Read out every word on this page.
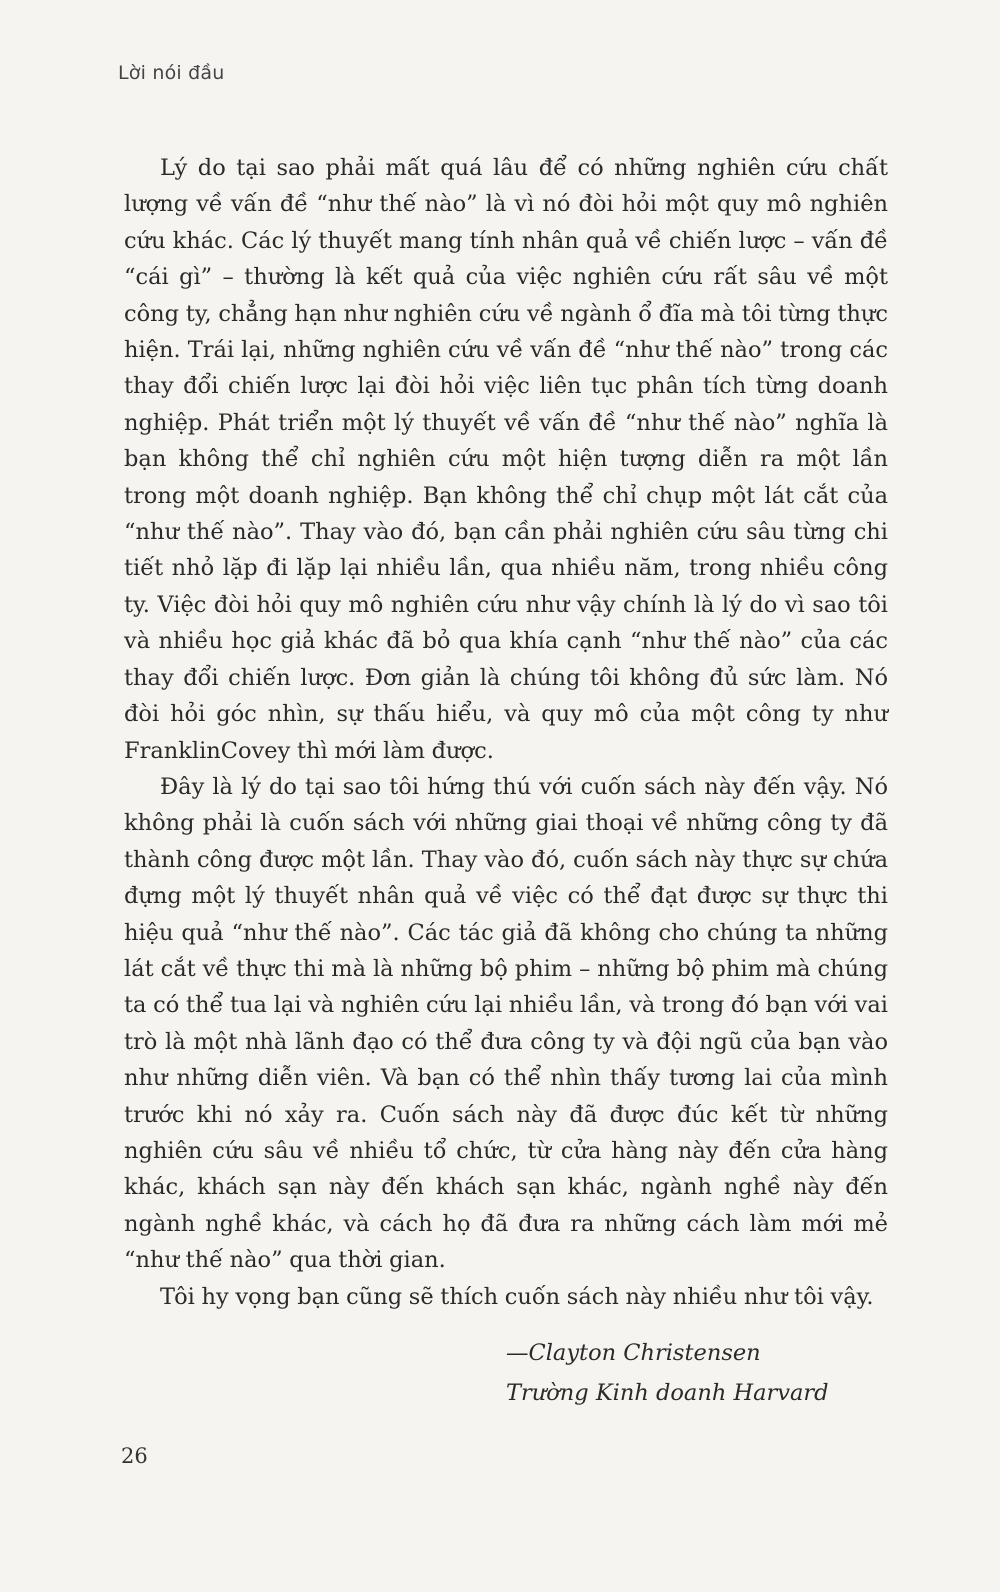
Lời nói đầu

Lý do tại sao phải mất quá lâu để có những nghiên cứu chất lượng về vấn đề “như thế nào” là vì nó đòi hỏi một quy mô nghiên cứu khác. Các lý thuyết mang tính nhân quả về chiến lược – vấn đề “cái gì” – thường là kết quả của việc nghiên cứu rất sâu về một công ty, chẳng hạn như nghiên cứu về ngành ổ đĩa mà tôi từng thực hiện. Trái lại, những nghiên cứu về vấn đề “như thế nào” trong các thay đổi chiến lược lại đòi hỏi việc liên tục phân tích từng doanh nghiệp. Phát triển một lý thuyết về vấn đề “như thế nào” nghĩa là bạn không thể chỉ nghiên cứu một hiện tượng diễn ra một lần trong một doanh nghiệp. Bạn không thể chỉ chụp một lát cắt của “như thế nào”. Thay vào đó, bạn cần phải nghiên cứu sâu từng chi tiết nhỏ lặp đi lặp lại nhiều lần, qua nhiều năm, trong nhiều công ty. Việc đòi hỏi quy mô nghiên cứu như vậy chính là lý do vì sao tôi và nhiều học giả khác đã bỏ qua khía cạnh “như thế nào” của các thay đổi chiến lược. Đơn giản là chúng tôi không đủ sức làm. Nó đòi hỏi góc nhìn, sự thấu hiểu, và quy mô của một công ty như FranklinCovey thì mới làm được.

Đây là lý do tại sao tôi hứng thú với cuốn sách này đến vậy. Nó không phải là cuốn sách với những giai thoại về những công ty đã thành công được một lần. Thay vào đó, cuốn sách này thực sự chứa đựng một lý thuyết nhân quả về việc có thể đạt được sự thực thi hiệu quả “như thế nào”. Các tác giả đã không cho chúng ta những lát cắt về thực thi mà là những bộ phim – những bộ phim mà chúng ta có thể tua lại và nghiên cứu lại nhiều lần, và trong đó bạn với vai trò là một nhà lãnh đạo có thể đưa công ty và đội ngũ của bạn vào như những diễn viên. Và bạn có thể nhìn thấy tương lai của mình trước khi nó xảy ra. Cuốn sách này đã được đúc kết từ những nghiên cứu sâu về nhiều tổ chức, từ cửa hàng này đến cửa hàng khác, khách sạn này đến khách sạn khác, ngành nghề này đến ngành nghề khác, và cách họ đã đưa ra những cách làm mới mẻ “như thế nào” qua thời gian.

Tôi hy vọng bạn cũng sẽ thích cuốn sách này nhiều như tôi vậy.

—Clayton Christensen
Trường Kinh doanh Harvard
26
